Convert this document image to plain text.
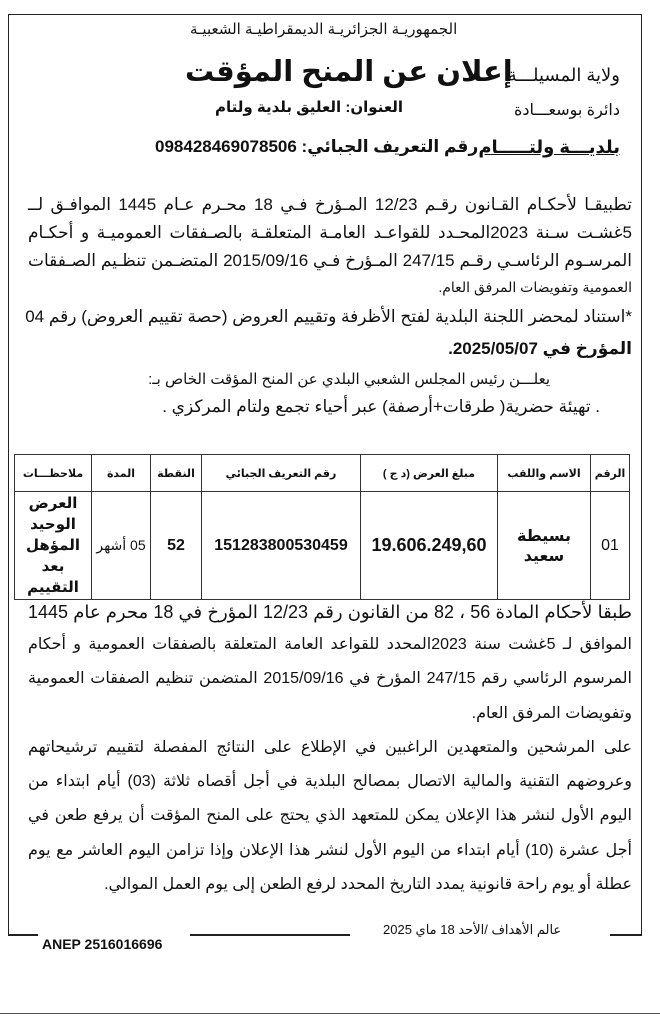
الجمهوريـة الجزائريـة الديمقراطيـة الشعبيـة
إعلان عن المنح المؤقت
العنوان: العليق بلدية ولتام
رقم التعريف الجبائي: 09842846907850​6
ولاية المسيلـــة
دائرة بوسعـــادة
بلديـــة ولتـــــام
تطبيقـا لأحكـام القـانون رقـم 12/23 المـؤرخ فـي 18 محـرم عـام 1445 الموافـق لــ
5غشـت سـنة 2023المحـدد للقواعـد العامـة المتعلقـة بالصـفقات العموميـة و أحكـام
المرسـوم الرئاسـي رقـم 247/15 المـؤرخ فـي 2015/09/16 المتضـمن تنظـيم الصـفقات
العمومية وتفويضات المرفق العام.
*استناد لمحضر اللجنة البلدية لفتح الأظرفة وتقييم العروض (حصة تقييم العروض) رقم 04
المؤرخ في 2025/05/07.
يعلـــن رئيس المجلس الشعبي البلدي عن المنح المؤقت الخاص بـ:
. تهيئة حضرية( طرقات+أرصفة) عبر أحياء تجمع ولتام المركزي .
الرقم	الاسم واللقب	مبلغ العرض (د ج )	رقم التعريف الجبائي	النقطة	المدة	ملاحظـــات
01	بسيطة سعيد	19.606.249,60	151283800530459	52	05 أشهر	العرض الوحيد المؤهل بعد التقييم
طبقا لأحكام المادة 56 ، 82 من القانون رقم 12/23 المؤرخ في 18 محرم عام 1445
الموافق لـ 5غشت سنة 2023المحدد للقواعد العامة المتعلقة بالصفقات العمومية و أحكام
المرسوم الرئاسي رقم 247/15 المؤرخ في 2015/09/16 المتضمن تنظيم الصفقات العمومية
وتفويضات المرفق العام.
على المرشحين والمتعهدين الراغبين في الإطلاع على النتائج المفصلة لتقييم ترشيحاتهم
وعروضهم التقنية والمالية الاتصال بمصالح البلدية في أجل أقصاه ثلاثة (03) أيام ابتداء من
اليوم الأول لنشر هذا الإعلان يمكن للمتعهد الذي يحتج على المنح المؤقت أن يرفع طعن في
أجل عشرة (10) أيام ابتداء من اليوم الأول لنشر هذا الإعلان وإذا تزامن اليوم العاشر مع يوم
عطلة أو يوم راحة قانونية يمدد التاريخ المحدد لرفع الطعن إلى يوم العمل الموالي.
عالم الأهداف /الأحد 18 ماي 2025
ANEP 2516016696
